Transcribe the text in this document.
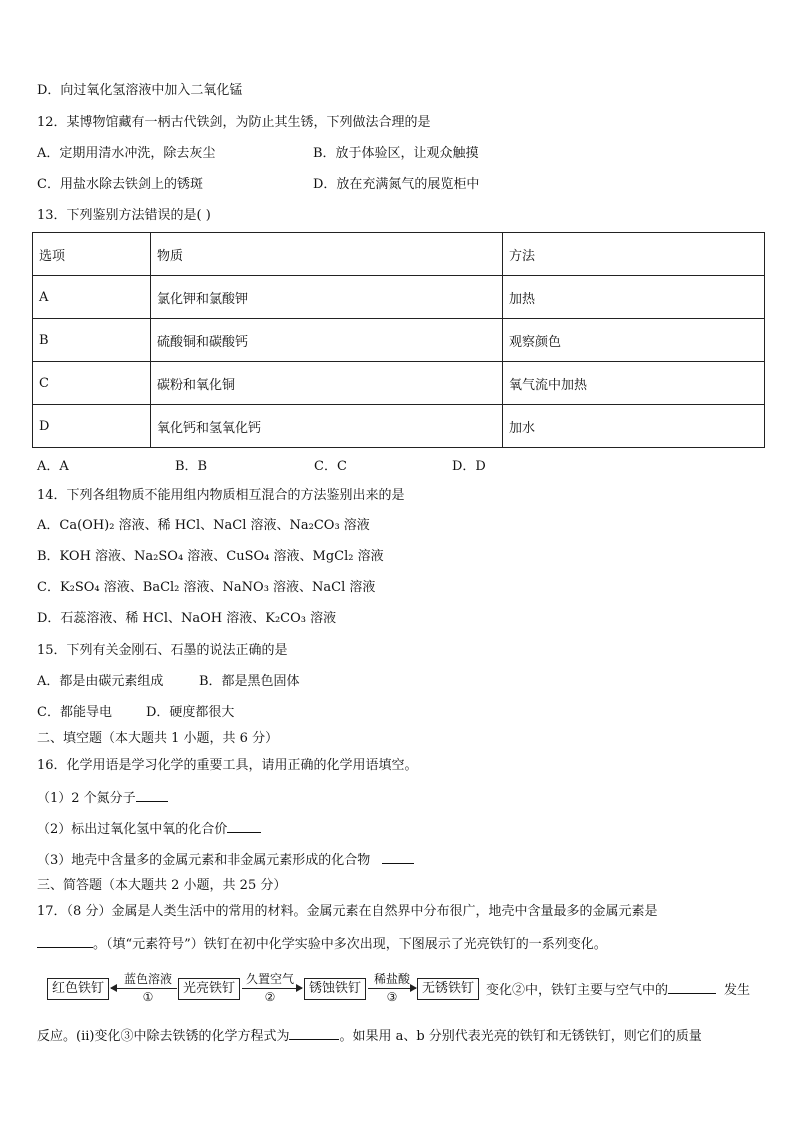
D．向过氧化氢溶液中加入二氧化锰
12．某博物馆藏有一柄古代铁剑，为防止其生锈，下列做法合理的是
A．定期用清水冲洗，除去灰尘	B．放于体验区，让观众触摸
C．用盐水除去铁剑上的锈斑	D．放在充满氮气的展览柜中
13．下列鉴别方法错误的是( )
选项	物质	方法
A	氯化钾和氯酸钾	加热
B	硫酸铜和碳酸钙	观察颜色
C	碳粉和氧化铜	氧气流中加热
D	氧化钙和氢氧化钙	加水
A．A	B．B	C．C	D．D
14．下列各组物质不能用组内物质相互混合的方法鉴别出来的是
A．Ca(OH)₂ 溶液、稀 HCl、NaCl 溶液、Na₂CO₃ 溶液
B．KOH 溶液、Na₂SO₄ 溶液、CuSO₄ 溶液、MgCl₂ 溶液
C．K₂SO₄ 溶液、BaCl₂ 溶液、NaNO₃ 溶液、NaCl 溶液
D．石蕊溶液、稀 HCl、NaOH 溶液、K₂CO₃ 溶液
15．下列有关金刚石、石墨的说法正确的是
A．都是由碳元素组成	B．都是黑色固体
C．都能导电	D．硬度都很大
二、填空题（本大题共 1 小题，共 6 分）
16．化学用语是学习化学的重要工具，请用正确的化学用语填空。
（1）2 个氮分子
（2）标出过氧化氢中氧的化合价
（3）地壳中含量多的金属元素和非金属元素形成的化合物
三、简答题（本大题共 2 小题，共 25 分）
17．（8 分）金属是人类生活中的常用的材料。金属元素在自然界中分布很广，地壳中含量最多的金属元素是
。（填“元素符号”）铁钉在初中化学实验中多次出现，下图展示了光亮铁钉的一系列变化。
红色铁钉
蓝色溶液
①
光亮铁钉
久置空气
②
锈蚀铁钉
稀盐酸
③
无锈铁钉 变化②中，铁钉主要与空气中的	发生
反应。(ii)变化③中除去铁锈的化学方程式为	。如果用 a、b 分别代表光亮的铁钉和无锈铁钉，则它们的质量
